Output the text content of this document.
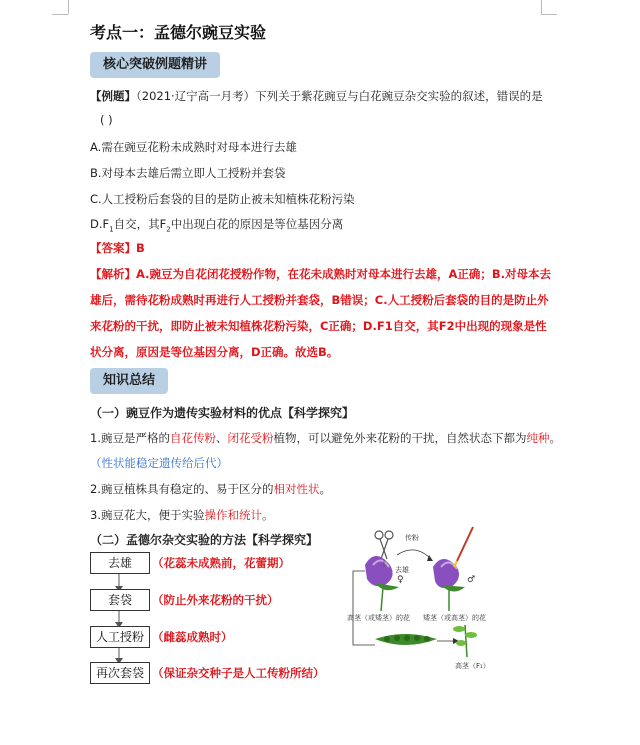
考点一：孟德尔豌豆实验
核心突破例题精讲
【例题】（2021·辽宁高一月考）下列关于紫花豌豆与白花豌豆杂交实验的叙述，错误的是
( )
A.需在豌豆花粉未成熟时对母本进行去雄
B.对母本去雄后需立即人工授粉并套袋
C.人工授粉后套袋的目的是防止被未知植株花粉污染
$D.F_1$自交，其$F_2$中出现白花的原因是等位基因分离
【答案】B
【解析】A.豌豆为自花闭花授粉作物，在花未成熟时对母本进行去雄，A正确；B.对母本去
雄后，需待花粉成熟时再进行人工授粉并套袋，B错误；C.人工授粉后套袋的目的是防止外
来花粉的干扰，即防止被未知植株花粉污染，C正确；D.F1自交，其F2中出现的现象是性
状分离，原因是等位基因分离，D正确。故选B。
知识总结
（一）豌豆作为遗传实验材料的优点【科学探究】
1.豌豆是严格的自花传粉、闭花受粉植物，可以避免外来花粉的干扰，自然状态下都为纯种。
（性状能稳定遗传给后代）
2.豌豆植株具有稳定的、易于区分的相对性状。
3.豌豆花大，便于实验操作和统计。
（二）孟德尔杂交实验的方法【科学探究】
去雄	（花蕊未成熟前，花蕾期）
套袋	（防止外来花粉的干扰）
人工授粉 （雌蕊成熟时）
再次套袋 （保证杂交种子是人工传粉所结）
传粉
去雄
♀	♂
高茎（或矮茎）的花 矮茎（或高茎）的花
高茎（F₁）
